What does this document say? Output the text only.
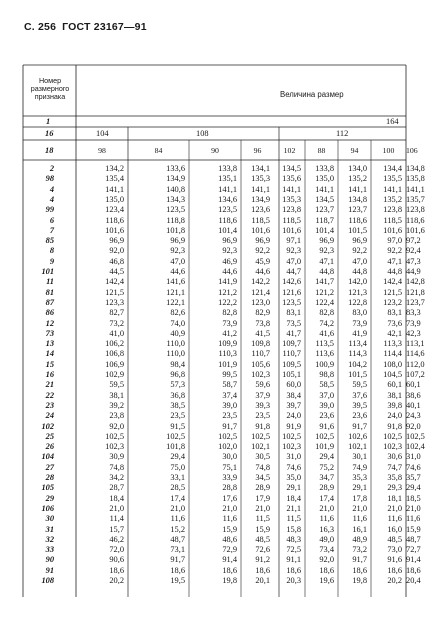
С. 256 ГОСТ 23167—91
Номер размерного признака	Величина размер
1	164
16	104	108	112
18	98	84	90	96	102	88	94	100	106
2	134,2	133,6	133,8	134,1	134,5	133,8	134,0	134,4 134,8
98	135,4	134,9	135,1	135,3	135,6	135,0	135,2	135,5 135,8
4	141,1	140,8	141,1	141,1	141,1	141,1	141,1	141,1 141,1
4	135,0	134,3	134,6	134,9	135,3	134,5	134,8	135,2 135,7
99	123,4	123,5	123,5	123,6	123,8	123,7	123,7	123,8 123,8
6	118,6	118,8	118,6	118,5	118,5	118,7	118,6	118,5 118,6
7	101,6	101,8	101,4	101,6	101,6	101,4	101,5	101,6 101,6
85	96,9	96,9	96,9	96,9	97,1	96,9	96,9	97,0 97,2
8	92,0	92,3	92,3	92,2	92,3	92,3	92,2	92,2 92,4
9	46,8	47,0	46,9	45,9	47,0	47,1	47,0	47,1 47,3
101	44,5	44,6	44,6	44,6	44,7	44,8	44,8	44,8 44,9
11	142,4	141,6	141,9	142,2	142,6	141,7	142,0	142,4 142,8
81	121,5	121,1	121,2	121,4	121,6	121,2	121,3	121,5 121,8
87	123,3	122,1	122,2	123,0	123,5	122,4	122,8	123,2 123,7
86	82,7	82,6	82,8	82,9	83,1	82,8	83,0	83,1 83,3
12	73,2	74,0	73,9	73,8	73,5	74,2	73,9	73,6 73,9
73	41,0	40,9	41,2	41,5	41,7	41,6	41,9	42,1 42,3
13	106,2	110,0	109,9	109,8	109,7	113,5	113,4	113,3 113,1
14	106,8	110,0	110,3	110,7	110,7	113,6	114,3	114,4 114,6
15	106,9	98,4	101,9	105,6	109,5	100,9	104,2	108,0 112,0
16	102,9	96,8	99,5	102,3	105,1	98,8	101,5	104,5 107,2
21	59,5	57,3	58,7	59,6	60,0	58,5	59,5	60,1 60,1
22	38,1	36,8	37,4	37,9	38,4	37,0	37,6	38,1 38,6
23	39,2	38,5	39,0	39,3	39,7	39,0	39,5	39,8 40,1
24	23,8	23,5	23,5	23,5	24,0	23,6	23,6	24,0 24,3
102	92,0	91,5	91,7	91,8	91,9	91,6	91,7	91,8 92,0
25	102,5	102,5	102,5	102,5	102,5	102,5	102,6	102,5 102,5
26	102,3	101,8	102,0	102,1	102,3	101,9	102,1	102,3 102,4
104	30,9	29,4	30,0	30,5	31,0	29,4	30,1	30,6 31,0
27	74,8	75,0	75,1	74,8	74,6	75,2	74,9	74,7 74,6
28	34,2	33,1	33,9	34,5	35,0	34,7	35,3	35,8 35,7
105	28,7	28,5	28,8	28,9	29,1	28,9	29,1	29,3 29,4
29	18,4	17,4	17,6	17,9	18,4	17,4	17,8	18,1 18,5
106	21,0	21,0	21,0	21,0	21,1	21,0	21,0	21,0 21,0
30	11,4	11,6	11,6	11,5	11,5	11,6	11,6	11,6 11,6
31	15,7	15,2	15,9	15,9	15,8	16,3	16,1	16,0 15,9
32	46,2	48,7	48,6	48,5	48,3	49,0	48,9	48,5 48,7
33	72,0	73,1	72,9	72,6	72,5	73,4	73,2	73,0 72,7
90	90,6	91,7	91,4	91,2	91,1	92,0	91,7	91,6 91,4
91	18,6	18,6	18,6	18,6	18,6	18,6	18,6	18,6 18,6
108	20,2	19,5	19,8	20,1	20,3	19,6	19,8	20,2 20,4
